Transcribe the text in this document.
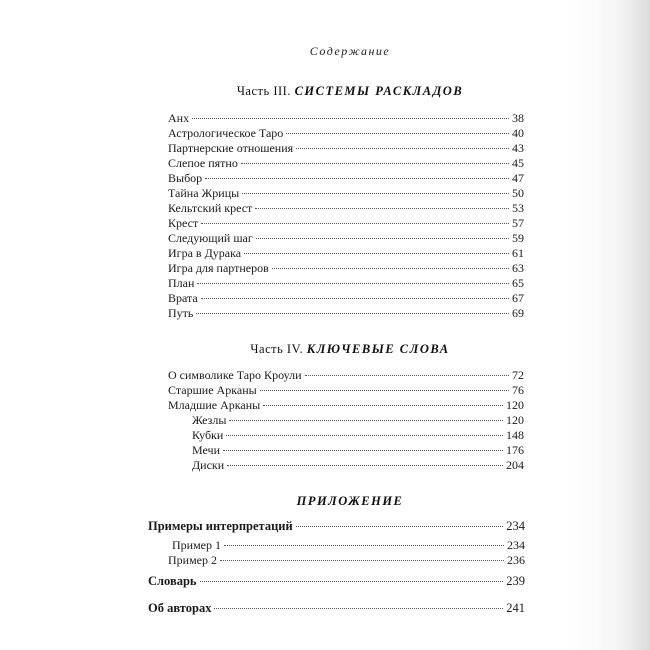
Содержание
Часть III. СИСТЕМЫ РАСКЛАДОВ
Анх	38
Астрологическое Таро	40
Партнерские отношения	43
Слепое пятно	45
Выбор	47
Тайна Жрицы	50
Кельтский крест	53
Крест	57
Следующий шаг	59
Игра в Дурака	61
Игра для партнеров	63
План	65
Врата	67
Путь	69
Часть IV. КЛЮЧЕВЫЕ СЛОВА
О символике Таро Кроули	72
Старшие Арканы	76
Младшие Арканы	120
Жезлы	120
Кубки	148
Мечи	176
Диски	204
ПРИЛОЖЕНИЕ
Примеры интерпретаций	234
Пример 1	234
Пример 2	236
Словарь	239
Об авторах	241
